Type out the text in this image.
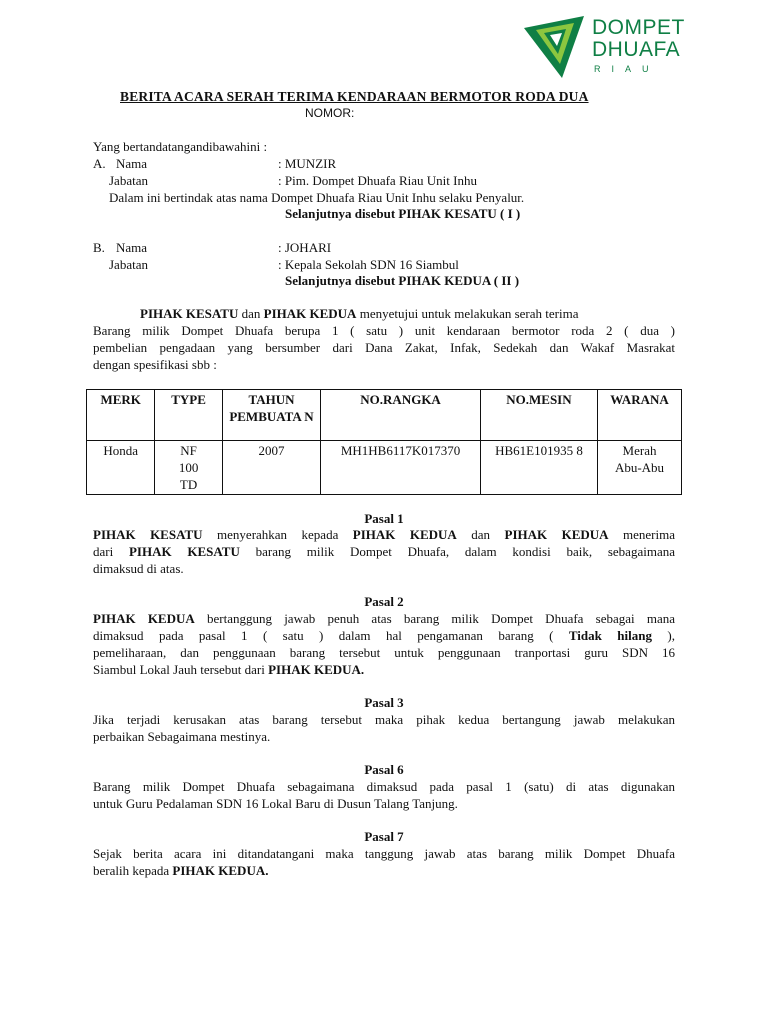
DOMPET
DHUAFA
RIAU

BERITA ACARA SERAH TERIMA KENDARAAN BERMOTOR RODA DUA

NOMOR:

Yang bertandatangandibawahini :

A. Nama	: MUNZIR

Jabatan	: Pim. Dompet Dhuafa Riau Unit Inhu

Dalam ini bertindak atas nama Dompet Dhuafa Riau Unit Inhu selaku Penyalur.

Selanjutnya disebut PIHAK KESATU ( I )

B. Nama	: JOHARI

Jabatan	: Kepala Sekolah SDN 16 Siambul

Selanjutnya disebut PIHAK KEDUA ( II )

PIHAK KESATU dan PIHAK KEDUA menyetujui untuk melakukan serah terima

Barang milik Dompet Dhuafa berupa 1 ( satu ) unit kendaraan bermotor roda 2 ( dua )

pembelian pengadaan yang bersumber dari Dana Zakat, Infak, Sedekah dan Wakaf Masrakat

dengan spesifikasi sbb :

MERK	TYPE	TAHUN PEMBUATA N	NO.RANGKA	NO.MESIN	WARANA
Honda	NF 100 TD	2007	MH1HB6117K017370	HB61E101935 8	Merah Abu-Abu

Pasal 1

PIHAK KESATU menyerahkan kepada PIHAK KEDUA dan PIHAK KEDUA menerima

dari PIHAK KESATU barang milik Dompet Dhuafa, dalam kondisi baik, sebagaimana

dimaksud di atas.

Pasal 2

PIHAK KEDUA bertanggung jawab penuh atas barang milik Dompet Dhuafa sebagai mana

dimaksud pada pasal 1 ( satu ) dalam hal pengamanan barang ( Tidak hilang ),

pemeliharaan, dan penggunaan barang tersebut untuk penggunaan tranportasi guru SDN 16

Siambul Lokal Jauh tersebut dari PIHAK KEDUA.

Pasal 3

Jika terjadi kerusakan atas barang tersebut maka pihak kedua bertangung jawab melakukan

perbaikan Sebagaimana mestinya.

Pasal 6

Barang milik Dompet Dhuafa sebagaimana dimaksud pada pasal 1 (satu) di atas digunakan

untuk Guru Pedalaman SDN 16 Lokal Baru di Dusun Talang Tanjung.

Pasal 7

Sejak berita acara ini ditandatangani maka tanggung jawab atas barang milik Dompet Dhuafa

beralih kepada PIHAK KEDUA.
